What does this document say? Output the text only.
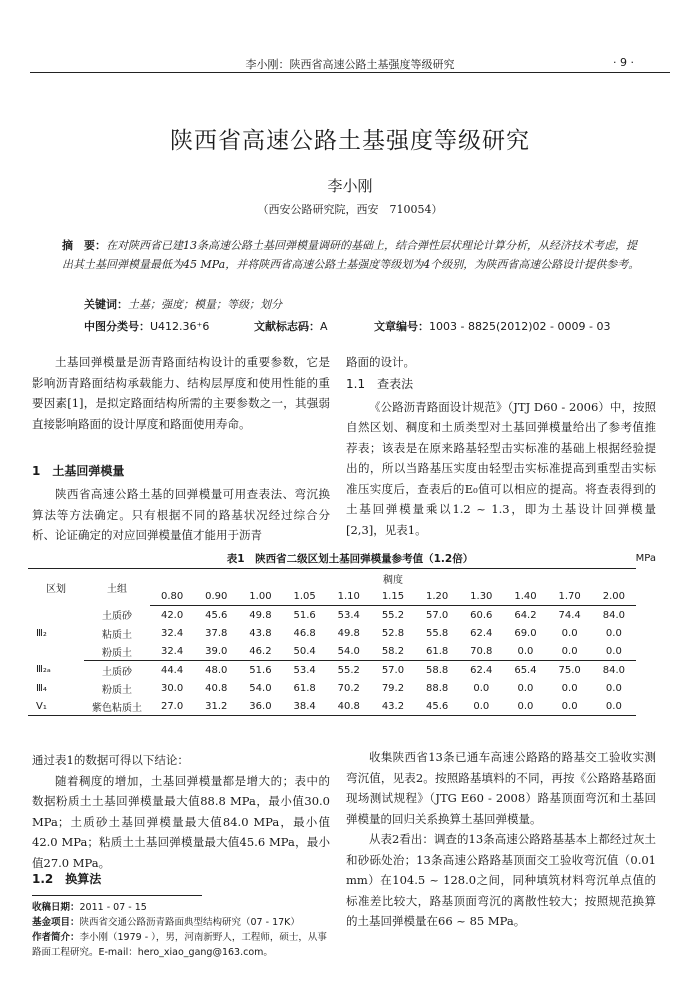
李小刚：陕西省高速公路土基强度等级研究	· 9 ·
陕西省高速公路土基强度等级研究
李小刚
（西安公路研究院，西安　710054）
摘　要：在对陕西省已建13条高速公路土基回弹模量调研的基础上，结合弹性层状理论计算分析，从经济技术考虑，提出其土基回弹模量最低为45 MPa，并将陕西省高速公路土基强度等级划为4个级别，为陕西省高速公路设计提供参考。
关键词：土基；强度；模量；等级；划分
中图分类号：U412.36⁺6	文献标志码：A	文章编号：1003 - 8825(2012)02 - 0009 - 03

土基回弹模量是沥青路面结构设计的重要参数，它是影响沥青路面结构承载能力、结构层厚度和使用性能的重要因素[1]，是拟定路面结构所需的主要参数之一，其强弱直接影响路面的设计厚度和路面使用寿命。

1　土基回弹模量

陕西省高速公路土基的回弹模量可用查表法、弯沉换算法等方法确定。只有根据不同的路基状况经过综合分析、论证确定的对应回弹模量值才能用于沥青

路面的设计。

《公路沥青路面设计规范》（JTJ D60 - 2006）中，按照自然区划、稠度和土质类型对土基回弹模量给出了参考值推荐表；该表是在原来路基轻型击实标准的基础上根据经验提出的，所以当路基压实度由轻型击实标准提高到重型击实标准压实度后，查表后的E₀值可以相应的提高。将查表得到的土基回弹模量乘以1.2 ~ 1.3，即为土基设计回弹模量[2,3]，见表1。

1.1　查表法
表1　陕西省二级区划土基回弹模量参考值（1.2倍）	MPa
区划	土组	稠度										
		0.80	0.90	1.00	1.05	1.10	1.15	1.20	1.30	1.40	1.70	2.00
Ⅲ₂	土质砂	42.0	45.6	49.8	51.6	53.4	55.2	57.0	60.6	64.2	74.4	84.0
	粘质土	32.4	37.8	43.8	46.8	49.8	52.8	55.8	62.4	69.0	0.0	0.0
	粉质土	32.4	39.0	46.2	50.4	54.0	58.2	61.8	70.8	0.0	0.0	0.0
Ⅲ₂ₐ	土质砂	44.4	48.0	51.6	53.4	55.2	57.0	58.8	62.4	65.4	75.0	84.0
Ⅲ₄	粉质土	30.0	40.8	54.0	61.8	70.2	79.2	88.8	0.0	0.0	0.0	0.0
Ⅴ₁	紫色粘质土	27.0	31.2	36.0	38.4	40.8	43.2	45.6	0.0	0.0	0.0	0.0
通过表1的数据可得以下结论：

随着稠度的增加，土基回弹模量都是增大的；表中的数据粉质土土基回弹模量最大值88.8 MPa，最小值30.0 MPa；土质砂土基回弹模量最大值84.0 MPa，最小值42.0 MPa；粘质土土基回弹模量最大值45.6 MPa，最小值27.0 MPa。

1.2　换算法

收集陕西省13条已通车高速公路路的路基交工验收实测弯沉值，见表2。按照路基填料的不同，再按《公路路基路面现场测试规程》（JTG E60 - 2008）路基顶面弯沉和土基回弹模量的回归关系换算土基回弹模量。

从表2看出：调查的13条高速公路路基基本上都经过灰土和砂砾处治；13条高速公路路基顶面交工验收弯沉值（0.01 mm）在104.5 ~ 128.0之间，同种填筑材料弯沉单点值的标准差比较大，路基顶面弯沉的离散性较大；按照规范换算的土基回弹模量在66 ~ 85 MPa。

收稿日期：2011 - 07 - 15
基金项目：陕西省交通公路沥青路面典型结构研究（07 - 17K）
作者简介：李小刚（1979 - ），男，河南新野人，工程师，硕士，从事路面工程研究。E-mail：hero_xiao_gang@163.com。
